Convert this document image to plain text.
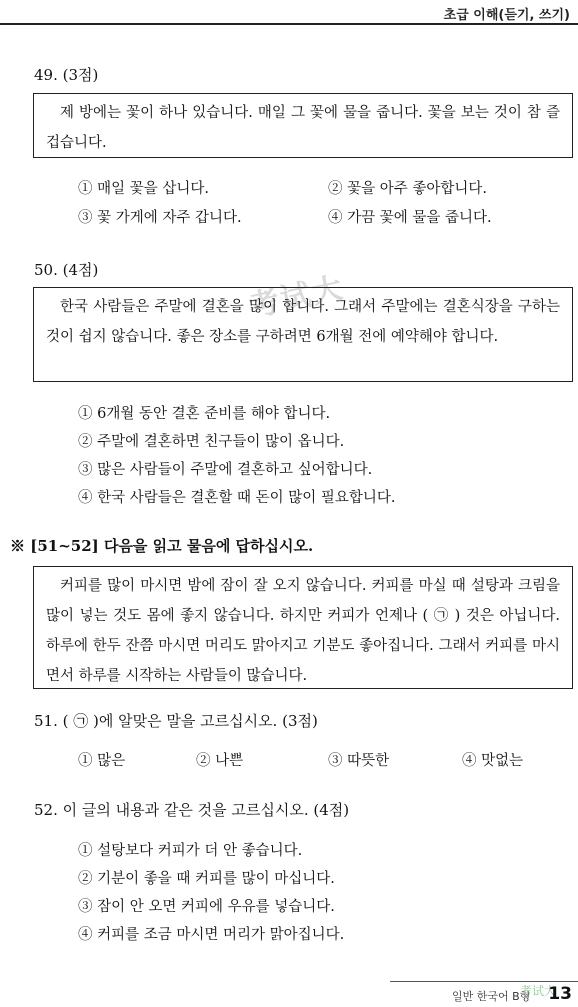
초급 이해(듣기, 쓰기)
考试大
49. (3점)

제 방에는 꽃이 하나 있습니다. 매일 그 꽃에 물을 줍니다. 꽃을 보는 것이 참 즐겁습니다.

① 매일 꽃을 삽니다.	② 꽃을 아주 좋아합니다.
③ 꽃 가게에 자주 갑니다.	④ 가끔 꽃에 물을 줍니다.
50. (4점)

한국 사람들은 주말에 결혼을 많이 합니다. 그래서 주말에는 결혼식장을 구하는 것이 쉽지 않습니다. 좋은 장소를 구하려면 6개월 전에 예약해야 합니다.

① 6개월 동안 결혼 준비를 해야 합니다.
② 주말에 결혼하면 친구들이 많이 옵니다.
③ 많은 사람들이 주말에 결혼하고 싶어합니다.
④ 한국 사람들은 결혼할 때 돈이 많이 필요합니다.
※ [51~52] 다음을 읽고 물음에 답하십시오.

커피를 많이 마시면 밤에 잠이 잘 오지 않습니다. 커피를 마실 때 설탕과 크림을 많이 넣는 것도 몸에 좋지 않습니다. 하지만 커피가 언제나 ( ㉠ ) 것은 아닙니다. 하루에 한두 잔쯤 마시면 머리도 맑아지고 기분도 좋아집니다. 그래서 커피를 마시면서 하루를 시작하는 사람들이 많습니다.

51. ( ㉠ )에 알맞은 말을 고르십시오. (3점)
① 많은	② 나쁜	③ 따뜻한	④ 맛없는
52. 이 글의 내용과 같은 것을 고르십시오. (4점)
① 설탕보다 커피가 더 안 좋습니다.
② 기분이 좋을 때 커피를 많이 마십니다.
③ 잠이 안 오면 커피에 우유를 넣습니다.
④ 커피를 조금 마시면 머리가 맑아집니다.
일반 한국어 B형
考试大
13
